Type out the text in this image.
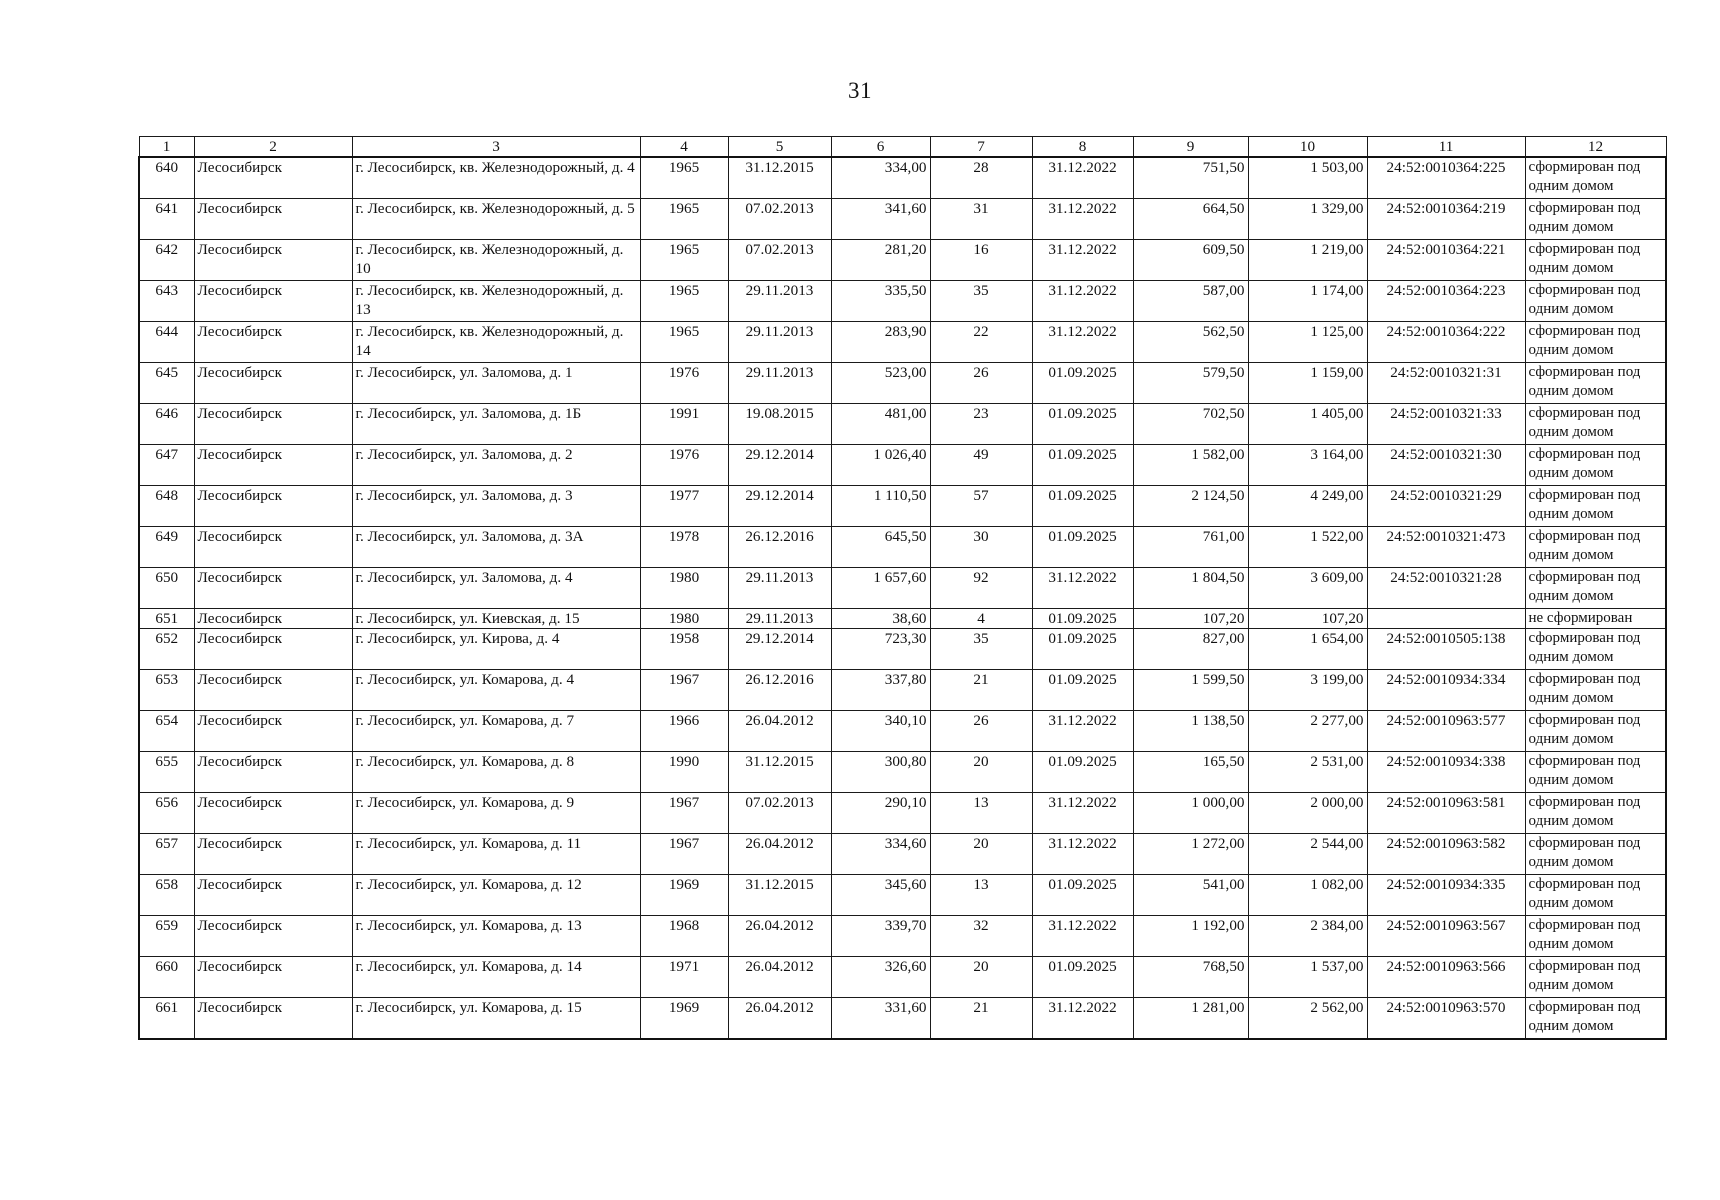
31
1	2	3	4	5	6	7	8	9	10	11	12
640	Лесосибирск	г. Лесосибирск, кв. Железнодорожный, д. 4	1965	31.12.2015	334,00	28	31.12.2022	751,50	1 503,00	24:52:0010364:225	сформирован под одним домом
641	Лесосибирск	г. Лесосибирск, кв. Железнодорожный, д. 5	1965	07.02.2013	341,60	31	31.12.2022	664,50	1 329,00	24:52:0010364:219	сформирован под одним домом
642	Лесосибирск	г. Лесосибирск, кв. Железнодорожный, д. 10	1965	07.02.2013	281,20	16	31.12.2022	609,50	1 219,00	24:52:0010364:221	сформирован под одним домом
643	Лесосибирск	г. Лесосибирск, кв. Железнодорожный, д. 13	1965	29.11.2013	335,50	35	31.12.2022	587,00	1 174,00	24:52:0010364:223	сформирован под одним домом
644	Лесосибирск	г. Лесосибирск, кв. Железнодорожный, д. 14	1965	29.11.2013	283,90	22	31.12.2022	562,50	1 125,00	24:52:0010364:222	сформирован под одним домом
645	Лесосибирск	г. Лесосибирск, ул. Заломова, д. 1	1976	29.11.2013	523,00	26	01.09.2025	579,50	1 159,00	24:52:0010321:31	сформирован под одним домом
646	Лесосибирск	г. Лесосибирск, ул. Заломова, д. 1Б	1991	19.08.2015	481,00	23	01.09.2025	702,50	1 405,00	24:52:0010321:33	сформирован под одним домом
647	Лесосибирск	г. Лесосибирск, ул. Заломова, д. 2	1976	29.12.2014	1 026,40	49	01.09.2025	1 582,00	3 164,00	24:52:0010321:30	сформирован под одним домом
648	Лесосибирск	г. Лесосибирск, ул. Заломова, д. 3	1977	29.12.2014	1 110,50	57	01.09.2025	2 124,50	4 249,00	24:52:0010321:29	сформирован под одним домом
649	Лесосибирск	г. Лесосибирск, ул. Заломова, д. 3А	1978	26.12.2016	645,50	30	01.09.2025	761,00	1 522,00	24:52:0010321:473	сформирован под одним домом
650	Лесосибирск	г. Лесосибирск, ул. Заломова, д. 4	1980	29.11.2013	1 657,60	92	31.12.2022	1 804,50	3 609,00	24:52:0010321:28	сформирован под одним домом
651	Лесосибирск	г. Лесосибирск, ул. Киевская, д. 15	1980	29.11.2013	38,60	4	01.09.2025	107,20	107,20		не сформирован
652	Лесосибирск	г. Лесосибирск, ул. Кирова, д. 4	1958	29.12.2014	723,30	35	01.09.2025	827,00	1 654,00	24:52:0010505:138	сформирован под одним домом
653	Лесосибирск	г. Лесосибирск, ул. Комарова, д. 4	1967	26.12.2016	337,80	21	01.09.2025	1 599,50	3 199,00	24:52:0010934:334	сформирован под одним домом
654	Лесосибирск	г. Лесосибирск, ул. Комарова, д. 7	1966	26.04.2012	340,10	26	31.12.2022	1 138,50	2 277,00	24:52:0010963:577	сформирован под одним домом
655	Лесосибирск	г. Лесосибирск, ул. Комарова, д. 8	1990	31.12.2015	300,80	20	01.09.2025	165,50	2 531,00	24:52:0010934:338	сформирован под одним домом
656	Лесосибирск	г. Лесосибирск, ул. Комарова, д. 9	1967	07.02.2013	290,10	13	31.12.2022	1 000,00	2 000,00	24:52:0010963:581	сформирован под одним домом
657	Лесосибирск	г. Лесосибирск, ул. Комарова, д. 11	1967	26.04.2012	334,60	20	31.12.2022	1 272,00	2 544,00	24:52:0010963:582	сформирован под одним домом
658	Лесосибирск	г. Лесосибирск, ул. Комарова, д. 12	1969	31.12.2015	345,60	13	01.09.2025	541,00	1 082,00	24:52:0010934:335	сформирован под одним домом
659	Лесосибирск	г. Лесосибирск, ул. Комарова, д. 13	1968	26.04.2012	339,70	32	31.12.2022	1 192,00	2 384,00	24:52:0010963:567	сформирован под одним домом
660	Лесосибирск	г. Лесосибирск, ул. Комарова, д. 14	1971	26.04.2012	326,60	20	01.09.2025	768,50	1 537,00	24:52:0010963:566	сформирован под одним домом
661	Лесосибирск	г. Лесосибирск, ул. Комарова, д. 15	1969	26.04.2012	331,60	21	31.12.2022	1 281,00	2 562,00	24:52:0010963:570	сформирован под одним домом
